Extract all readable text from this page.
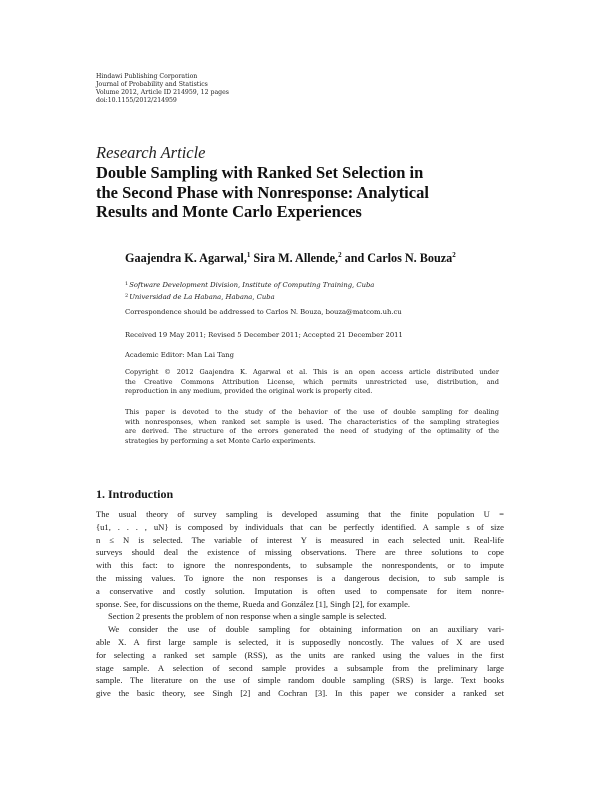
Hindawi Publishing Corporation
Journal of Probability and Statistics
Volume 2012, Article ID 214959, 12 pages
doi:10.1155/2012/214959
Research Article
Double Sampling with Ranked Set Selection in
the Second Phase with Nonresponse: Analytical
Results and Monte Carlo Experiences
Gaajendra K. Agarwal,$^1$ Sira M. Allende,$^2$ and Carlos N. Bouza$^2$
$^1$Software Development Division, Institute of Computing Training, Cuba
$^2$Universidad de La Habana, Habana, Cuba
Correspondence should be addressed to Carlos N. Bouza, bouza@matcom.uh.cu
Received 19 May 2011; Revised 5 December 2011; Accepted 21 December 2011
Academic Editor: Man Lai Tang
Copyright © 2012 Gaajendra K. Agarwal et al. This is an open access article distributed under
the Creative Commons Attribution License, which permits unrestricted use, distribution, and
reproduction in any medium, provided the original work is properly cited.
This paper is devoted to the study of the behavior of the use of double sampling for dealing
with nonresponses, when ranked set sample is used. The characteristics of the sampling strategies
are derived. The structure of the errors generated the need of studying of the optimality of the
strategies by performing a set Monte Carlo experiments.
1. Introduction
The usual theory of survey sampling is developed assuming that the finite population U =
{u1, . . . , uN} is composed by individuals that can be perfectly identified. A sample s of size
n ≤ N is selected. The variable of interest Y is measured in each selected unit. Real-life
surveys should deal the existence of missing observations. There are three solutions to cope
with this fact: to ignore the nonrespondents, to subsample the nonrespondents, or to impute
the missing values. To ignore the non responses is a dangerous decision, to sub sample is
a conservative and costly solution. Imputation is often used to compensate for item nonre-
sponse. See, for discussions on the theme, Rueda and González [1], Singh [2], for example.
Section 2 presents the problem of non response when a single sample is selected.
We consider the use of double sampling for obtaining information on an auxiliary vari-
able X. A first large sample is selected, it is supposedly noncostly. The values of X are used
for selecting a ranked set sample (RSS), as the units are ranked using the values in the first
stage sample. A selection of second sample provides a subsample from the preliminary large
sample. The literature on the use of simple random double sampling (SRS) is large. Text books
give the basic theory, see Singh [2] and Cochran [3]. In this paper we consider a ranked set
